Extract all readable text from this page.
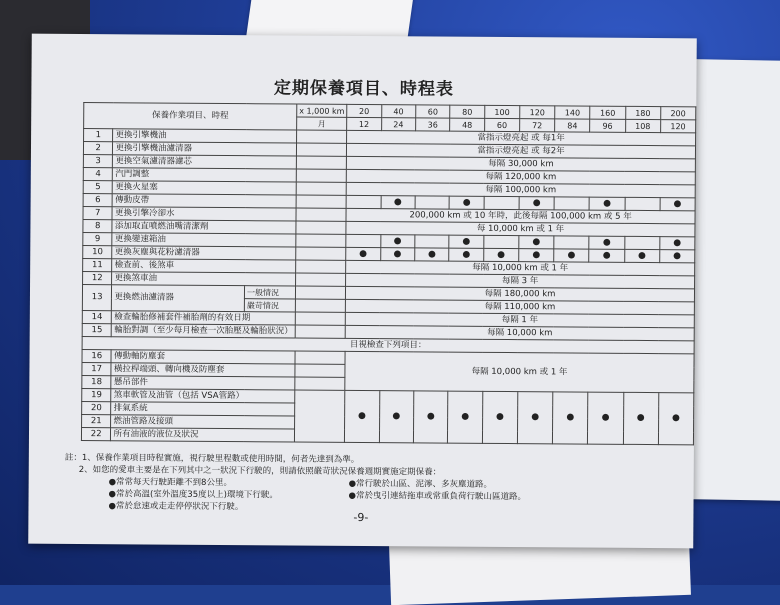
定期保養項目、時程表
保養作業項目、時程			x 1,000 km	20	40	60	80	100	120	140	160	180	200
			月	12	24	36	48	60	72	84	96	108	120
1	更換引擎機油			當指示燈亮起 或 每1年									
2	更換引擎機油濾清器			當指示燈亮起 或 每2年									
3	更換空氣濾清器濾芯			每隔 30,000 km									
4	汽門調整			每隔 120,000 km									
5	更換火星塞			每隔 100,000 km									
6	傳動皮帶				●		●		●		●		●
7	更換引擎冷卻水			200,000 km 或 10 年時，此後每隔 100,000 km 或 5 年									
8	添加取直噴燃油嘴清潔劑			每 10,000 km 或 1 年									
9	更換變速箱油				●		●		●		●		●
10	更換灰塵與花粉濾清器			●	●	●	●	●	●	●	●	●	●
11	檢查前、後煞車			每隔 10,000 km 或 1 年									
12	更換煞車油			每隔 3 年									
13	更換燃油濾清器	一般情況		每隔 180,000 km									
		嚴苛情況		每隔 110,000 km									
14	檢查輪胎修補套件補胎劑的有效日期			每隔 1 年									
15	輪胎對調（至少每月檢查一次胎壓及輪胎狀況）			每隔 10,000 km									
目視檢查下列項目：													
16	傳動軸防塵套			每隔 10,000 km 或 1 年									
17	橫拉桿端頭、轉向機及防塵套												
18	懸吊部件												
19	煞車軟管及油管（包括 VSA管路）			●	●	●	●	●	●	●	●	●	●
20	排氣系統												
21	燃油管路及接頭												
22	所有油液的液位及狀況												
註：1、保養作業項目時程實施，視行駛里程數或使用時間，何者先達到為準。
2、如您的愛車主要是在下列其中之一狀況下行駛的，則請依照嚴苛狀況保養週期實施定期保養：
●常常每天行駛距離不到8公里。	●常行駛於山區、泥濘、多灰塵道路。
●常於高溫(室外溫度35度以上)環境下行駛。	●常於曳引連結拖車或常重負荷行駛山區道路。
●常於怠速或走走停停狀況下行駛。
-9-
